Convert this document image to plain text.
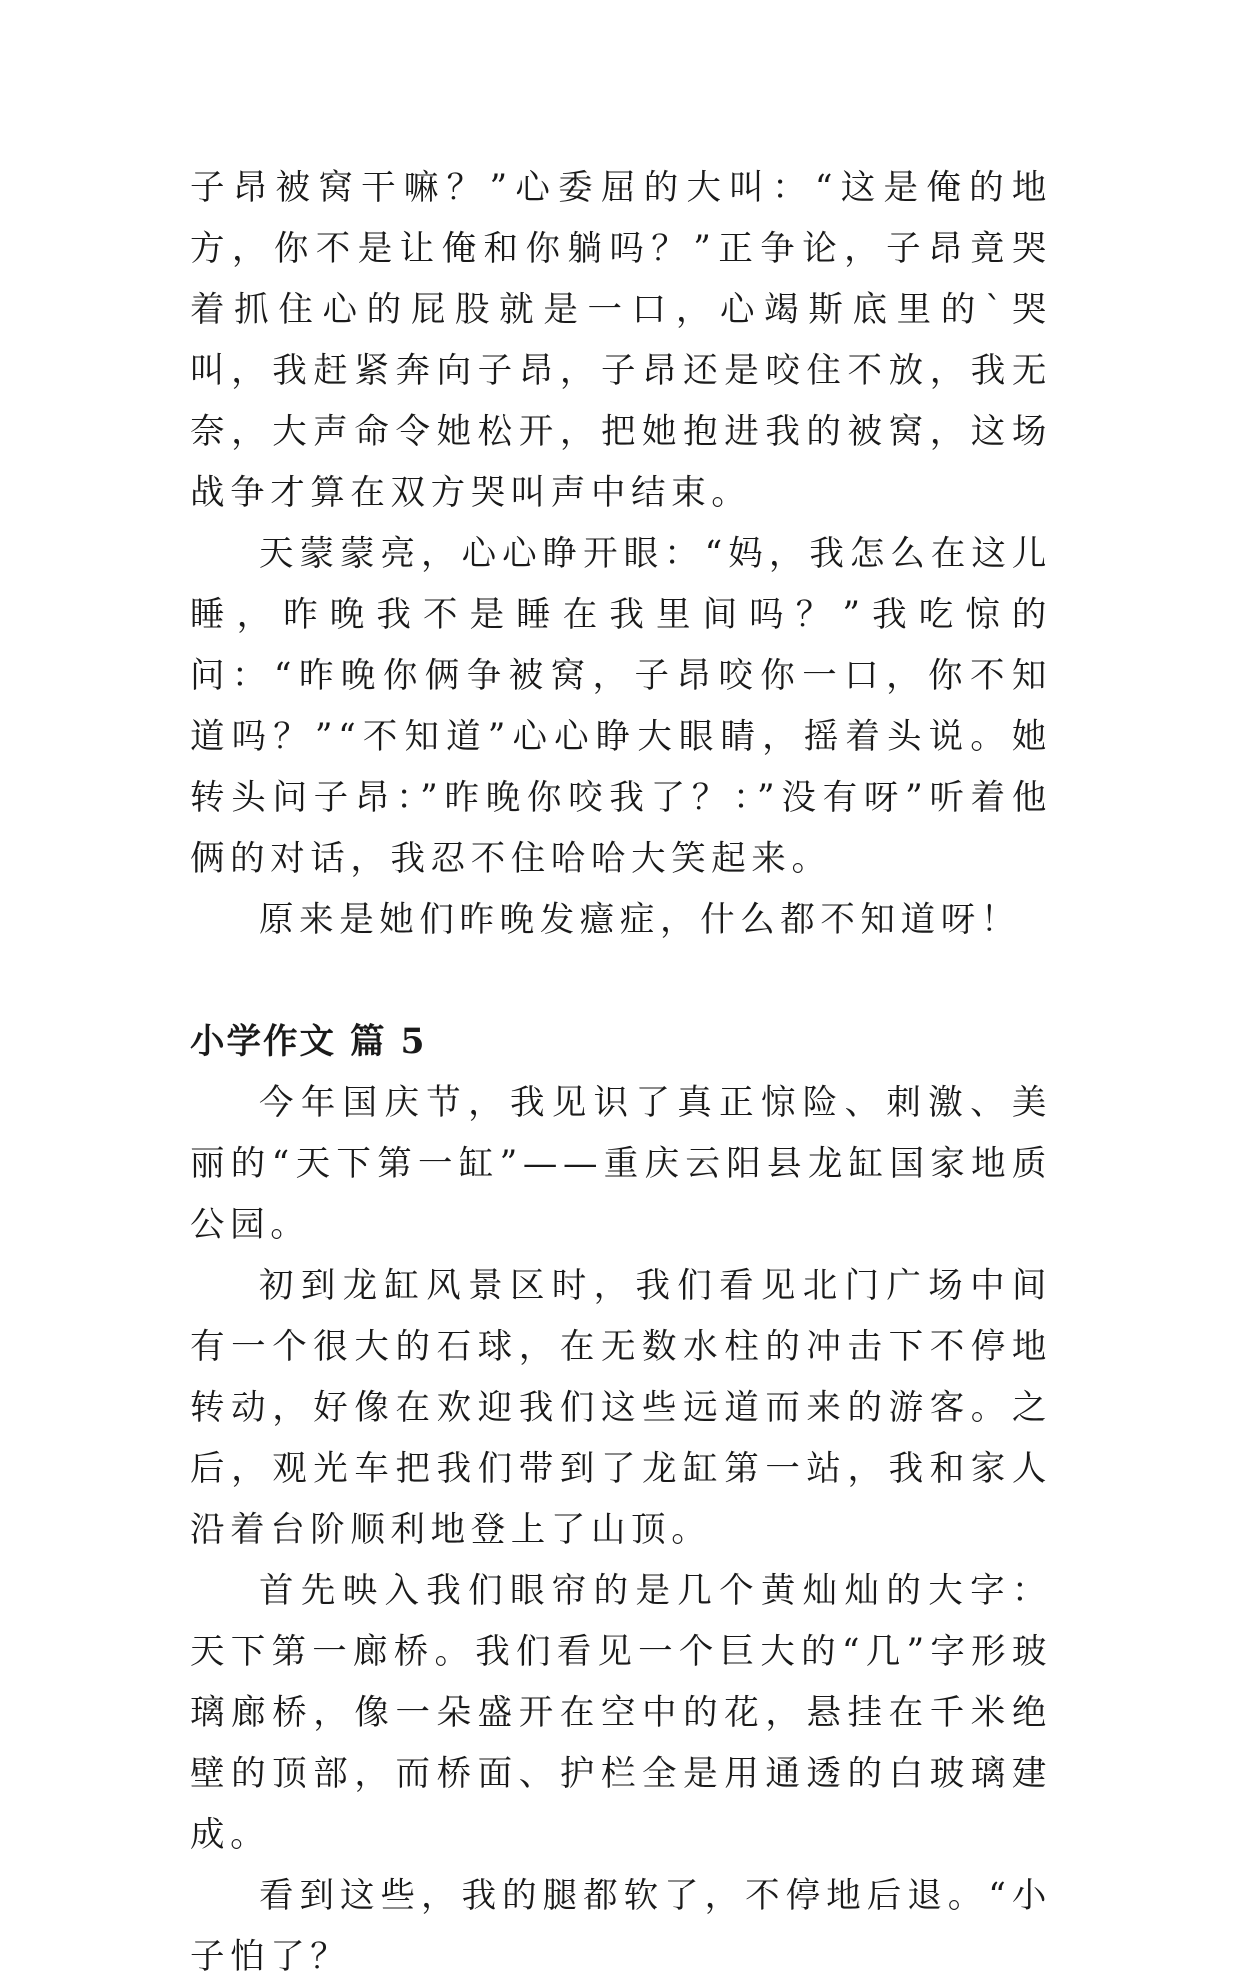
子昂被窝干嘛？”心委屈的大叫：“这是俺的地方，你不是让俺和你躺吗？”正争论，子昂竟哭着抓住心的屁股就是一口，心竭斯底里的`哭叫，我赶紧奔向子昂，子昂还是咬住不放，我无奈，大声命令她松开，把她抱进我的被窝，这场战争才算在双方哭叫声中结束。

天蒙蒙亮，心心睁开眼：“妈，我怎么在这儿睡，昨晚我不是睡在我里间吗？”我吃惊的问：“昨晚你俩争被窝，子昂咬你一口，你不知道吗？”“不知道”心心睁大眼睛，摇着头说。她转头问子昂：”昨晚你咬我了？：”没有呀”听着他俩的对话，我忍不住哈哈大笑起来。

原来是她们昨晚发癔症，什么都不知道呀！

小学作文 篇 5

今年国庆节，我见识了真正惊险、刺激、美丽的“天下第一缸”——重庆云阳县龙缸国家地质公园。

初到龙缸风景区时，我们看见北门广场中间有一个很大的石球，在无数水柱的冲击下不停地转动，好像在欢迎我们这些远道而来的游客。之后，观光车把我们带到了龙缸第一站，我和家人沿着台阶顺利地登上了山顶。

首先映入我们眼帘的是几个黄灿灿的大字：天下第一廊桥。我们看见一个巨大的“几”字形玻璃廊桥，像一朵盛开在空中的花，悬挂在千米绝壁的顶部，而桥面、护栏全是用通透的白玻璃建成。

看到这些，我的腿都软了，不停地后退。“小子怕了？
